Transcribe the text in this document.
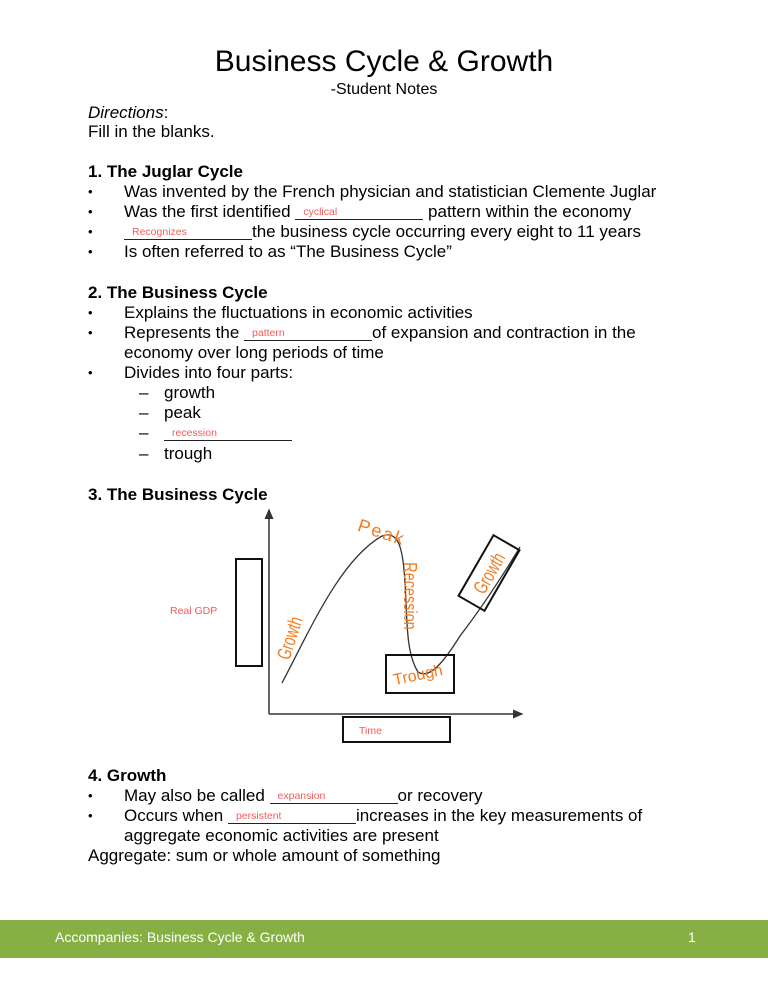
Business Cycle & Growth
-Student Notes
Directions:
Fill in the blanks.
1. The Juglar Cycle
• Was invented by the French physician and statistician Clemente Juglar
• Was the first identified cyclical	pattern within the economy
•	Recognizes	the business cycle occurring every eight to 11 years
• Is often referred to as “The Business Cycle”
2. The Business Cycle
• Explains the fluctuations in economic activities
• Represents the pattern	of expansion and contraction in the
economy over long periods of time
• Divides into four parts:
– growth
– peak
– recession
– trough
3. The Business Cycle
Real GDP
Time
Growth
Growth
Peak
Recession
Trough
4. Growth
• May also be called expansion	or recovery
• Occurs when persistent	increases in the key measurements of
aggregate economic activities are present
Aggregate: sum or whole amount of something
Accompanies: Business Cycle & Growth	1
